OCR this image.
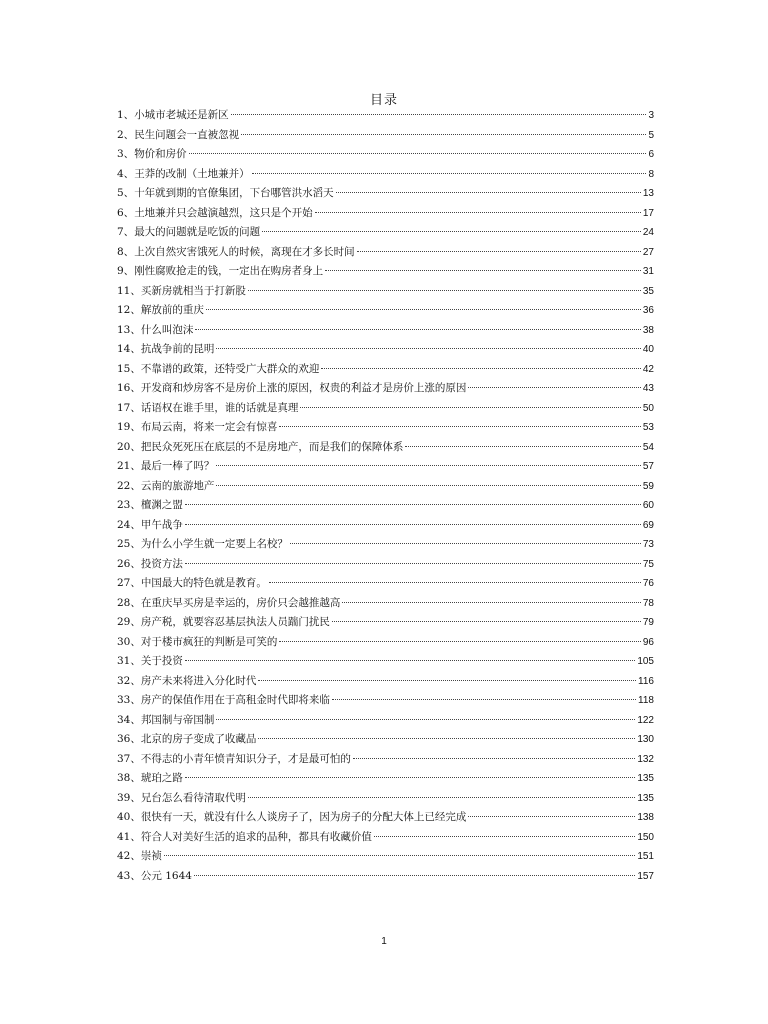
目录
1、 小城市老城还是新区	3
2、 民生问题会一直被忽视	5
3、 物价和房价	6
4、 王莽的改制（土地兼并）	8
5、 十年就到期的官僚集团，下台哪管洪水滔天	13
6、 土地兼并只会越演越烈，这只是个开始	17
7、 最大的问题就是吃饭的问题	24
8、 上次自然灾害饿死人的时候，离现在才多长时间	27
9、 刚性腐败抢走的钱，一定出在购房者身上	31
11、 买新房就相当于打新股	35
12、 解放前的重庆	36
13、 什么叫泡沫	38
14、 抗战争前的昆明	40
15、 不靠谱的政策，还特受广大群众的欢迎	42
16、 开发商和炒房客不是房价上涨的原因，权贵的利益才是房价上涨的原因	43
17、 话语权在谁手里，谁的话就是真理	50
19、 布局云南，将来一定会有惊喜	53
20、 把民众死死压在底层的不是房地产，而是我们的保障体系	54
21、 最后一棒了吗？	57
22、 云南的旅游地产	59
23、 檀渊之盟	60
24、 甲午战争	69
25、 为什么小学生就一定要上名校？	73
26、 投资方法	75
27、 中国最大的特色就是教育。	76
28、 在重庆早买房是幸运的，房价只会越推越高	78
29、 房产税，就要容忍基层执法人员踹门扰民	79
30、 对于楼市疯狂的判断是可笑的	96
31、 关于投资	105
32、 房产未来将进入分化时代	116
33、 房产的保值作用在于高租金时代即将来临	118
34、 邦国制与帝国制	122
36、 北京的房子变成了收藏品	130
37、 不得志的小青年愤青知识分子，才是最可怕的	132
38、 琥珀之路	135
39、 兄台怎么看待清取代明	135
40、 很快有一天，就没有什么人谈房子了，因为房子的分配大体上已经完成	138
41、 符合人对美好生活的追求的品种，都具有收藏价值	150
42、 崇祯	151
43、 公元 1644	157
1
